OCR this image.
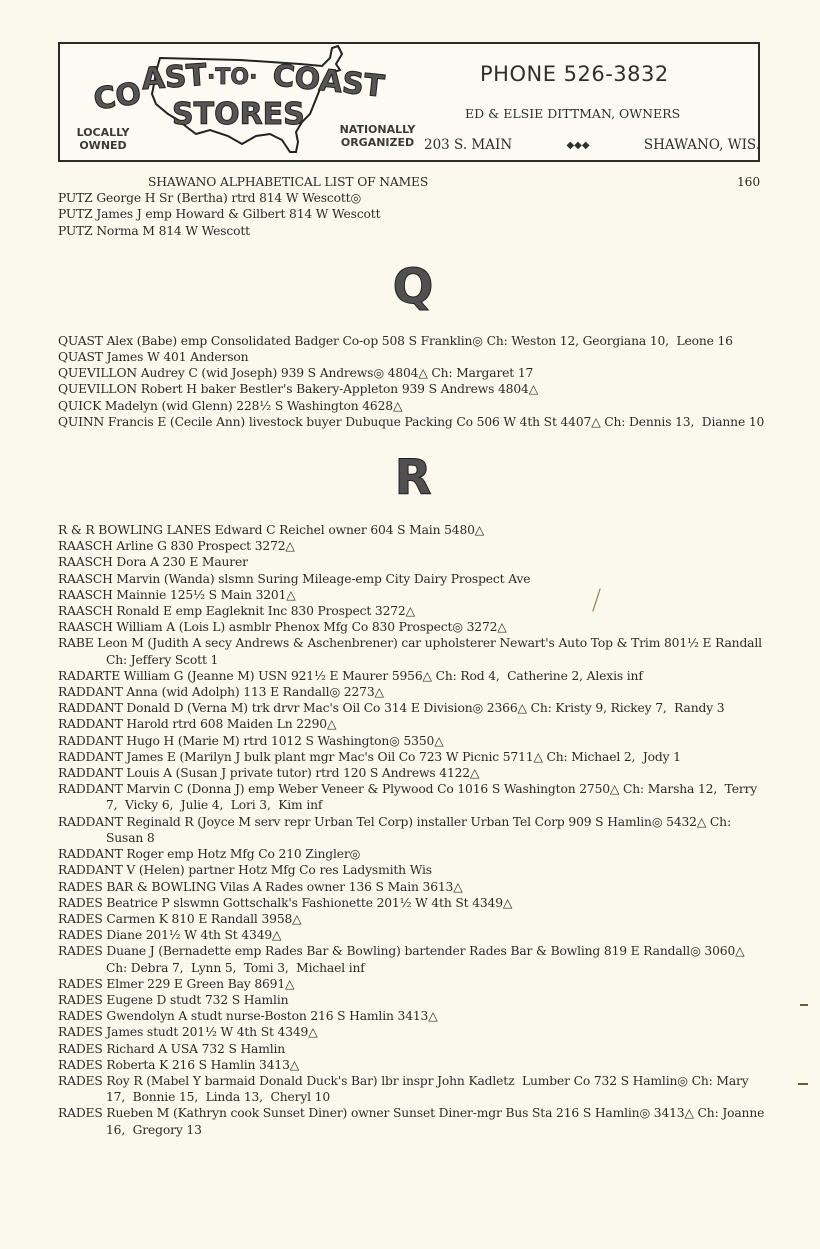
CO
AST
·TO· COAST
STORES
LOCALLY
OWNED
NATIONALLY
ORGANIZED
PHONE 526-3832
ED & ELSIE DITTMAN, OWNERS
203 S. MAIN	◆◆◆	SHAWANO, WIS.
SHAWANO ALPHABETICAL LIST OF NAMES	160
PUTZ George H Sr (Bertha) rtrd 814 W Wescott◎
PUTZ James J emp Howard & Gilbert 814 W Wescott
PUTZ Norma M 814 W Wescott
Q
QUAST Alex (Babe) emp Consolidated Badger Co-op 508 S Franklin◎ Ch: Weston 12, Georgiana 10,  Leone 16
QUAST James W 401 Anderson
QUEVILLON Audrey C (wid Joseph) 939 S Andrews◎ 4804△ Ch: Margaret 17
QUEVILLON Robert H baker Bestler's Bakery-Appleton 939 S Andrews 4804△
QUICK Madelyn (wid Glenn) 228½ S Washington 4628△
QUINN Francis E (Cecile Ann) livestock buyer Dubuque Packing Co 506 W 4th St 4407△ Ch: Dennis 13,  Dianne 10
R
R & R BOWLING LANES Edward C Reichel owner 604 S Main 5480△
RAASCH Arline G 830 Prospect 3272△
RAASCH Dora A 230 E Maurer
RAASCH Marvin (Wanda) slsmn Suring Mileage-emp City Dairy Prospect Ave
RAASCH Mainnie 125½ S Main 3201△
RAASCH Ronald E emp Eagleknit Inc 830 Prospect 3272△
RAASCH William A (Lois L) asmblr Phenox Mfg Co 830 Prospect◎ 3272△
RABE Leon M (Judith A secy Andrews & Aschenbrener) car upholsterer Newart's Auto Top & Trim 801½ E Randall Ch: Jeffery Scott 1
RADARTE William G (Jeanne M) USN 921½ E Maurer 5956△ Ch: Rod 4,  Catherine 2, Alexis inf
RADDANT Anna (wid Adolph) 113 E Randall◎ 2273△
RADDANT Donald D (Verna M) trk drvr Mac's Oil Co 314 E Division◎ 2366△ Ch: Kristy 9, Rickey 7,  Randy 3
RADDANT Harold rtrd 608 Maiden Ln 2290△
RADDANT Hugo H (Marie M) rtrd 1012 S Washington◎ 5350△
RADDANT James E (Marilyn J bulk plant mgr Mac's Oil Co 723 W Picnic 5711△ Ch: Michael 2,  Jody 1
RADDANT Louis A (Susan J private tutor) rtrd 120 S Andrews 4122△
RADDANT Marvin C (Donna J) emp Weber Veneer & Plywood Co 1016 S Washington 2750△ Ch: Marsha 12,  Terry 7,  Vicky 6,  Julie 4,  Lori 3,  Kim inf
RADDANT Reginald R (Joyce M serv repr Urban Tel Corp) installer Urban Tel Corp 909 S Hamlin◎ 5432△ Ch: Susan 8
RADDANT Roger emp Hotz Mfg Co 210 Zingler◎
RADDANT V (Helen) partner Hotz Mfg Co res Ladysmith Wis
RADES BAR & BOWLING Vilas A Rades owner 136 S Main 3613△
RADES Beatrice P slswmn Gottschalk's Fashionette 201½ W 4th St 4349△
RADES Carmen K 810 E Randall 3958△
RADES Diane 201½ W 4th St 4349△
RADES Duane J (Bernadette emp Rades Bar & Bowling) bartender Rades Bar & Bowling 819 E Randall◎ 3060△ Ch: Debra 7,  Lynn 5,  Tomi 3,  Michael inf
RADES Elmer 229 E Green Bay 8691△
RADES Eugene D studt 732 S Hamlin
RADES Gwendolyn A studt nurse-Boston 216 S Hamlin 3413△
RADES James studt 201½ W 4th St 4349△
RADES Richard A USA 732 S Hamlin
RADES Roberta K 216 S Hamlin 3413△
RADES Roy R (Mabel Y barmaid Donald Duck's Bar) lbr inspr John Kadletz  Lumber Co 732 S Hamlin◎ Ch: Mary 17,  Bonnie 15,  Linda 13,  Cheryl 10
RADES Rueben M (Kathryn cook Sunset Diner) owner Sunset Diner-mgr Bus Sta 216 S Hamlin◎ 3413△ Ch: Joanne 16,  Gregory 13
